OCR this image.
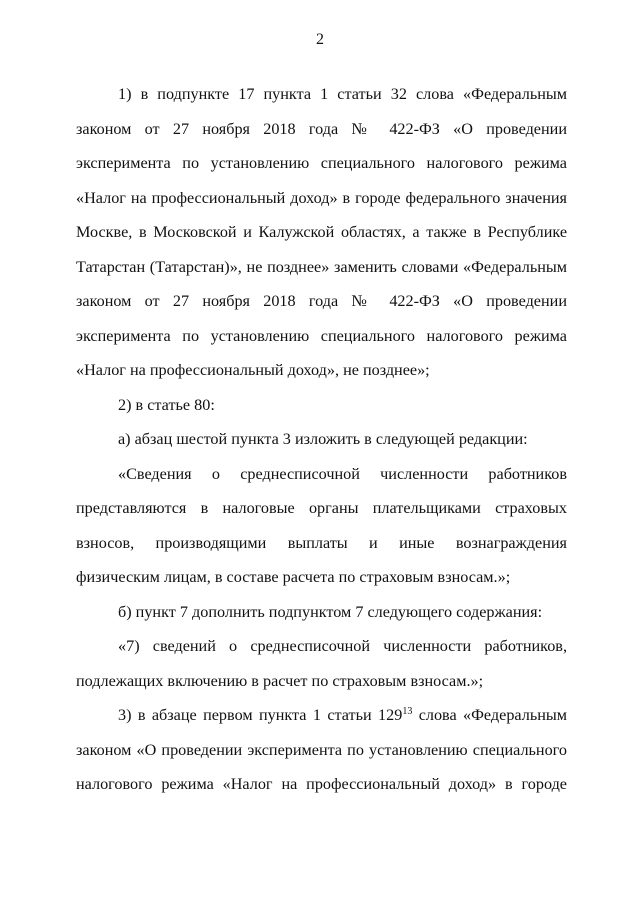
2

1) в подпункте 17 пункта 1 статьи 32 слова «Федеральным законом от 27 ноября 2018 года № 422-ФЗ «О проведении эксперимента по установлению специального налогового режима «Налог на профессиональный доход» в городе федерального значения Москве, в Московской и Калужской областях, а также в Республике Татарстан (Татарстан)», не позднее» заменить словами «Федеральным законом от 27 ноября 2018 года № 422-ФЗ «О проведении эксперимента по установлению специального налогового режима «Налог на профессиональный доход», не позднее»;

2) в статье 80:

а) абзац шестой пункта 3 изложить в следующей редакции:

«Сведения о среднесписочной численности работников представляются в налоговые органы плательщиками страховых взносов, производящими выплаты и иные вознаграждения физическим лицам, в составе расчета по страховым взносам.»;

б) пункт 7 дополнить подпунктом 7 следующего содержания:

«7) сведений о среднесписочной численности работников, подлежащих включению в расчет по страховым взносам.»;

3) в абзаце первом пункта 1 статьи $129^{13}$ слова «Федеральным законом «О проведении эксперимента по установлению специального налогового режима «Налог на профессиональный доход» в городе
